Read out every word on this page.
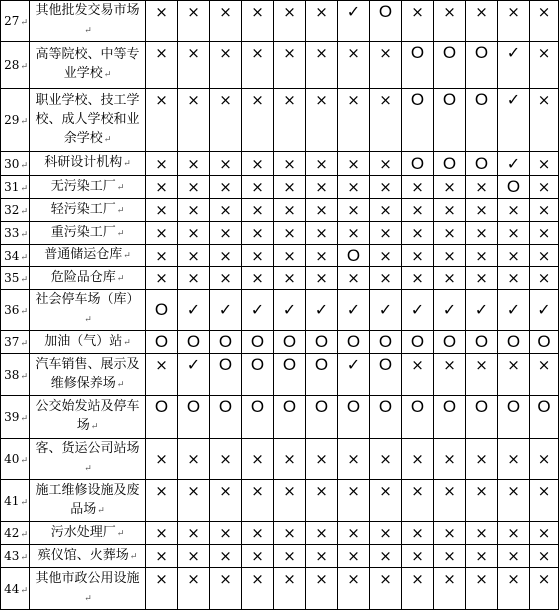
27↵	其他批发交易市场↵	×	×	×	×	×	×	✓	O	×	×	×	×	×
28↵	高等院校、中等专业学校↵	×	×	×	×	×	×	×	×	O	O	O	✓	×
29↵	职业学校、技工学校、成人学校和业余学校↵	×	×	×	×	×	×	×	×	O	O	O	✓	×
30↵	科研设计机构↵	×	×	×	×	×	×	×	×	O	O	O	✓	×
31↵	无污染工厂↵	×	×	×	×	×	×	×	×	×	×	×	O	×
32↵	轻污染工厂↵	×	×	×	×	×	×	×	×	×	×	×	×	×
33↵	重污染工厂↵	×	×	×	×	×	×	×	×	×	×	×	×	×
34↵	普通储运仓库↵	×	×	×	×	×	×	O	×	×	×	×	×	×
35↵	危险品仓库↵	×	×	×	×	×	×	×	×	×	×	×	×	×
36↵	社会停车场（库）↵	O	✓	✓	✓	✓	✓	✓	✓	✓	✓	✓	✓	✓
37↵	加油（气）站↵	O	O	O	O	O	O	O	O	O	O	O	O	O
38↵	汽车销售、展示及维修保养场↵	×	✓	O	O	O	O	✓	O	×	×	×	×	×
39↵	公交始发站及停车场↵	O	O	O	O	O	O	O	O	O	O	O	O	O
40↵	客、货运公司站场↵	×	×	×	×	×	×	×	×	×	×	×	×	×
41↵	施工维修设施及废品场↵	×	×	×	×	×	×	×	×	×	×	×	×	×
42↵	污水处理厂↵	×	×	×	×	×	×	×	×	×	×	×	×	×
43↵	殡仪馆、火葬场↵	×	×	×	×	×	×	×	×	×	×	×	×	×
44↵	其他市政公用设施↵	×	×	×	×	×	×	×	×	×	×	×	×	×
